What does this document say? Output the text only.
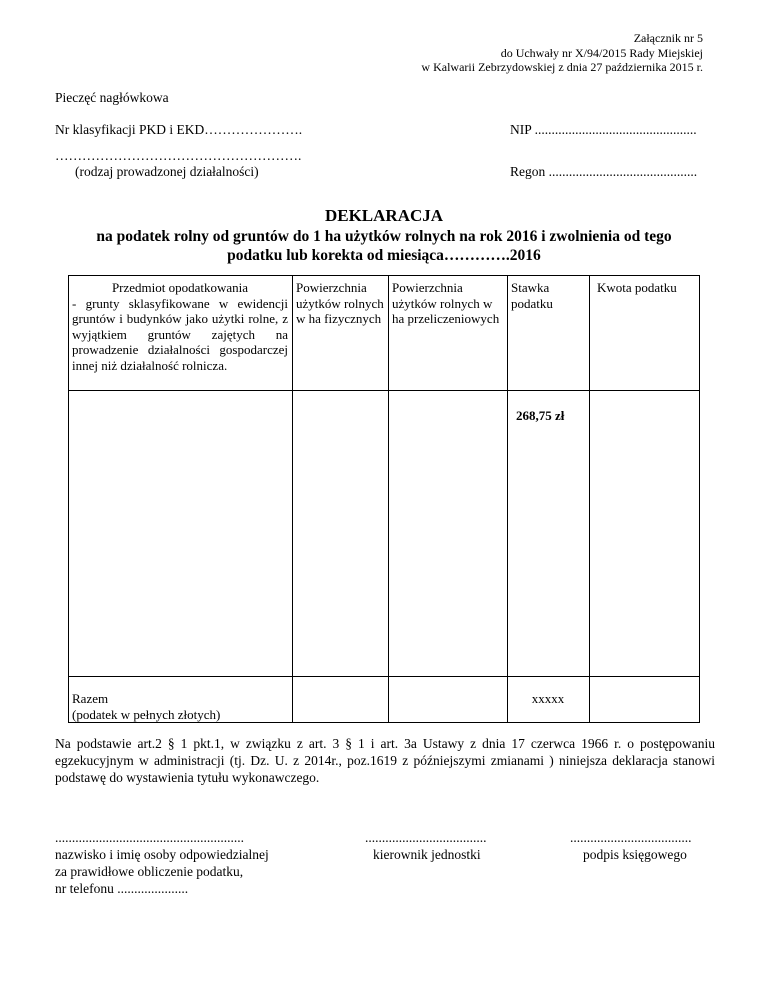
Załącznik nr 5
do Uchwały nr X/94/2015 Rady Miejskiej
w Kalwarii Zebrzydowskiej z dnia 27 października 2015 r.
Pieczęć nagłówkowa
Nr klasyfikacji PKD i EKD………………….	NIP ................................................
……………………………………………….
(rodzaj prowadzonej działalności)	Regon ............................................
DEKLARACJA
na podatek rolny od gruntów do 1 ha użytków rolnych na rok 2016 i zwolnienia od tego
podatku lub korekta od miesiąca………….2016
Przedmiot opodatkowania
- grunty sklasyfikowane w ewidencji gruntów i budynków jako użytki rolne, z wyjątkiem gruntów zajętych na prowadzenie działalności gospodarczej innej niż działalność rolnicza.
Powierzchnia użytków rolnych w ha fizycznych
Powierzchnia użytków rolnych w ha przeliczeniowych
Stawka podatku
Kwota podatku
268,75 zł
Razem
(podatek w pełnych złotych)
xxxxx
Na podstawie art.2 § 1 pkt.1, w związku z art. 3 § 1 i art. 3a Ustawy z dnia 17 czerwca 1966 r. o postępowaniu egzekucyjnym w administracji (tj. Dz. U. z 2014r., poz.1619 z późniejszymi zmianami ) niniejsza deklaracja stanowi podstawę do wystawienia tytułu wykonawczego.
........................................................
nazwisko i imię osoby odpowiedzialnej
za prawidłowe obliczenie podatku,
nr telefonu .....................
....................................
kierownik jednostki
....................................
podpis księgowego
